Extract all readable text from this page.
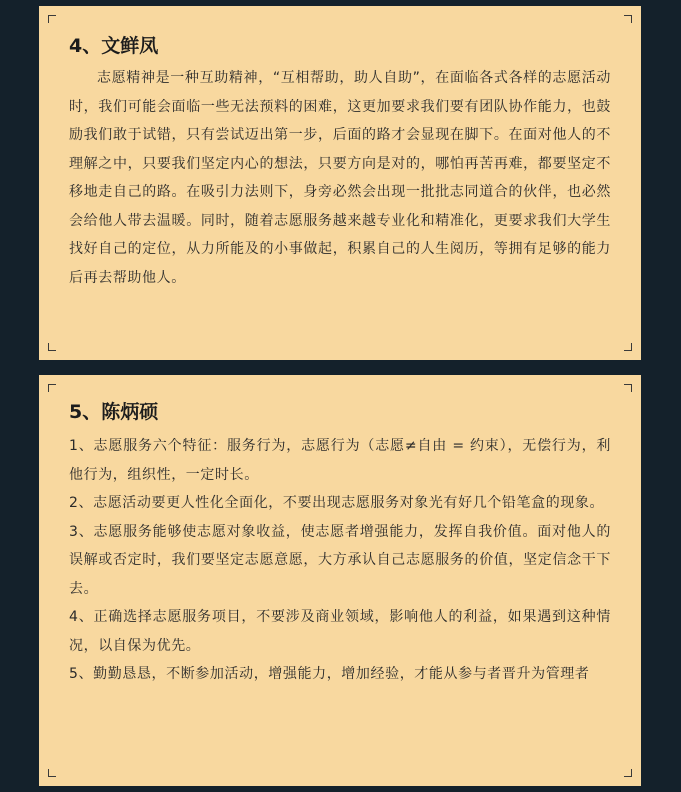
4、文鲜凤

志愿精神是一种互助精神，“互相帮助，助人自助”，在面临各式各样的志愿活动时，我们可能会面临一些无法预料的困难，这更加要求我们要有团队协作能力，也鼓励我们敢于试错，只有尝试迈出第一步，后面的路才会显现在脚下。在面对他人的不理解之中，只要我们坚定内心的想法，只要方向是对的，哪怕再苦再难，都要坚定不移地走自己的路。在吸引力法则下，身旁必然会出现一批批志同道合的伙伴，也必然会给他人带去温暖。同时，随着志愿服务越来越专业化和精准化，更要求我们大学生找好自己的定位，从力所能及的小事做起，积累自己的人生阅历，等拥有足够的能力后再去帮助他人。

5、陈炳硕

1、志愿服务六个特征：服务行为，志愿行为（志愿≠自由 = 约束），无偿行为，利他行为，组织性，一定时长。

2、志愿活动要更人性化全面化，不要出现志愿服务对象光有好几个铅笔盒的现象。

3、志愿服务能够使志愿对象收益，使志愿者增强能力，发挥自我价值。面对他人的误解或否定时，我们要坚定志愿意愿，大方承认自己志愿服务的价值，坚定信念干下去。

4、正确选择志愿服务项目，不要涉及商业领域，影响他人的利益，如果遇到这种情况，以自保为优先。

5、勤勤恳恳，不断参加活动，增强能力，增加经验，才能从参与者晋升为管理者
